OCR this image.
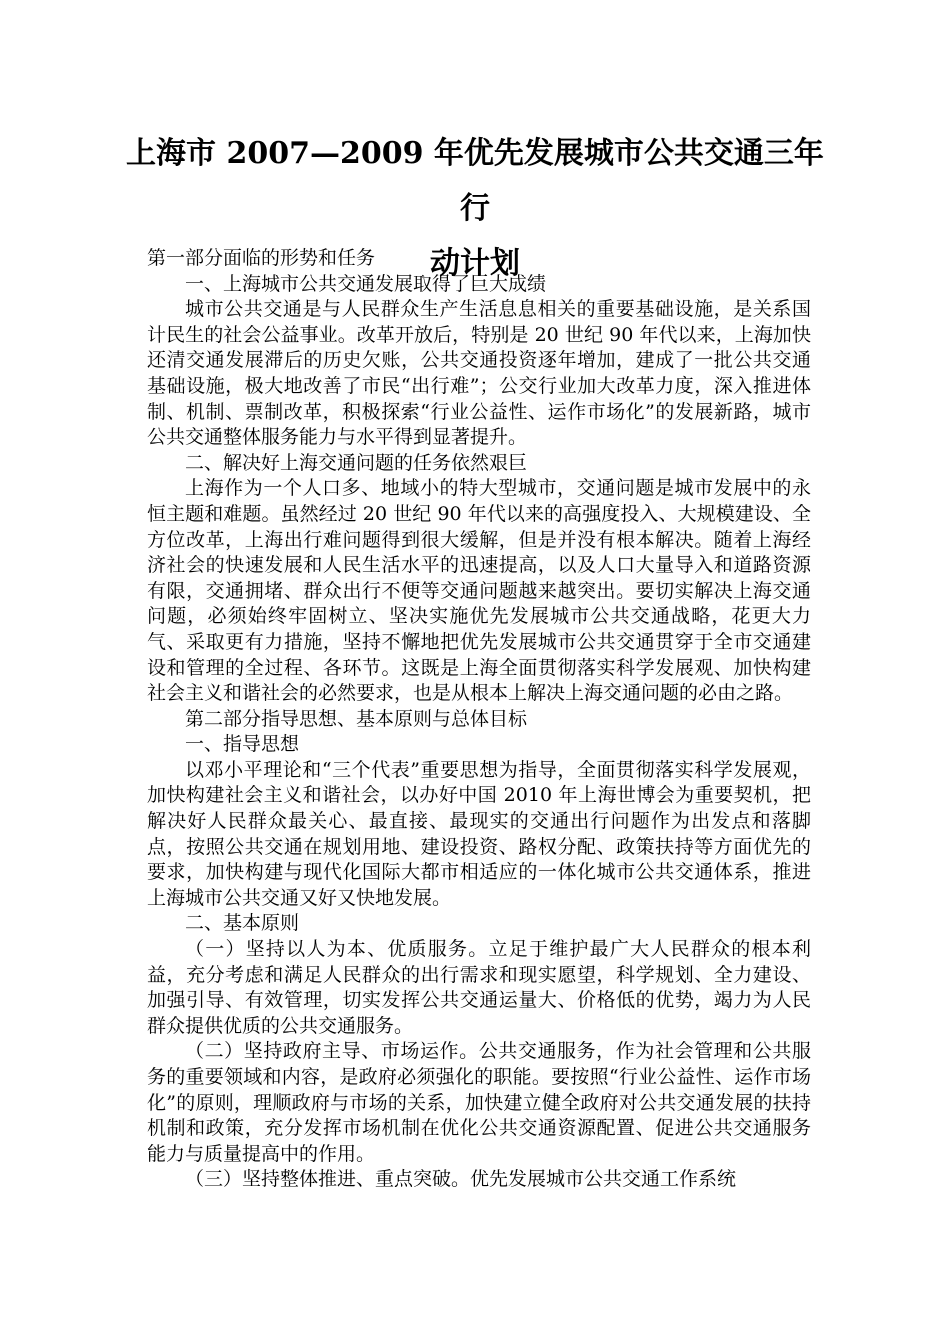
上海市 2007—2009 年优先发展城市公共交通三年行
动计划

第一部分面临的形势和任务

一、上海城市公共交通发展取得了巨大成绩

城市公共交通是与人民群众生产生活息息相关的重要基础设施，是关系国计民生的社会公益事业。改革开放后，特别是 20 世纪 90 年代以来，上海加快还清交通发展滞后的历史欠账，公共交通投资逐年增加，建成了一批公共交通基础设施，极大地改善了市民“出行难”；公交行业加大改革力度，深入推进体制、机制、票制改革，积极探索“行业公益性、运作市场化”的发展新路，城市公共交通整体服务能力与水平得到显著提升。

二、解决好上海交通问题的任务依然艰巨

上海作为一个人口多、地域小的特大型城市，交通问题是城市发展中的永恒主题和难题。虽然经过 20 世纪 90 年代以来的高强度投入、大规模建设、全方位改革，上海出行难问题得到很大缓解，但是并没有根本解决。随着上海经济社会的快速发展和人民生活水平的迅速提高，以及人口大量导入和道路资源有限，交通拥堵、群众出行不便等交通问题越来越突出。要切实解决上海交通问题，必须始终牢固树立、坚决实施优先发展城市公共交通战略，花更大力气、采取更有力措施，坚持不懈地把优先发展城市公共交通贯穿于全市交通建设和管理的全过程、各环节。这既是上海全面贯彻落实科学发展观、加快构建社会主义和谐社会的必然要求，也是从根本上解决上海交通问题的必由之路。

第二部分指导思想、基本原则与总体目标

一、指导思想

以邓小平理论和“三个代表”重要思想为指导，全面贯彻落实科学发展观，加快构建社会主义和谐社会，以办好中国 2010 年上海世博会为重要契机，把解决好人民群众最关心、最直接、最现实的交通出行问题作为出发点和落脚点，按照公共交通在规划用地、建设投资、路权分配、政策扶持等方面优先的要求，加快构建与现代化国际大都市相适应的一体化城市公共交通体系，推进上海城市公共交通又好又快地发展。

二、基本原则

（一）坚持以人为本、优质服务。立足于维护最广大人民群众的根本利益，充分考虑和满足人民群众的出行需求和现实愿望，科学规划、全力建设、加强引导、有效管理，切实发挥公共交通运量大、价格低的优势，竭力为人民群众提供优质的公共交通服务。

（二）坚持政府主导、市场运作。公共交通服务，作为社会管理和公共服务的重要领域和内容，是政府必须强化的职能。要按照“行业公益性、运作市场化”的原则，理顺政府与市场的关系，加快建立健全政府对公共交通发展的扶持机制和政策，充分发挥市场机制在优化公共交通资源配置、促进公共交通服务能力与质量提高中的作用。

（三）坚持整体推进、重点突破。优先发展城市公共交通工作系统
